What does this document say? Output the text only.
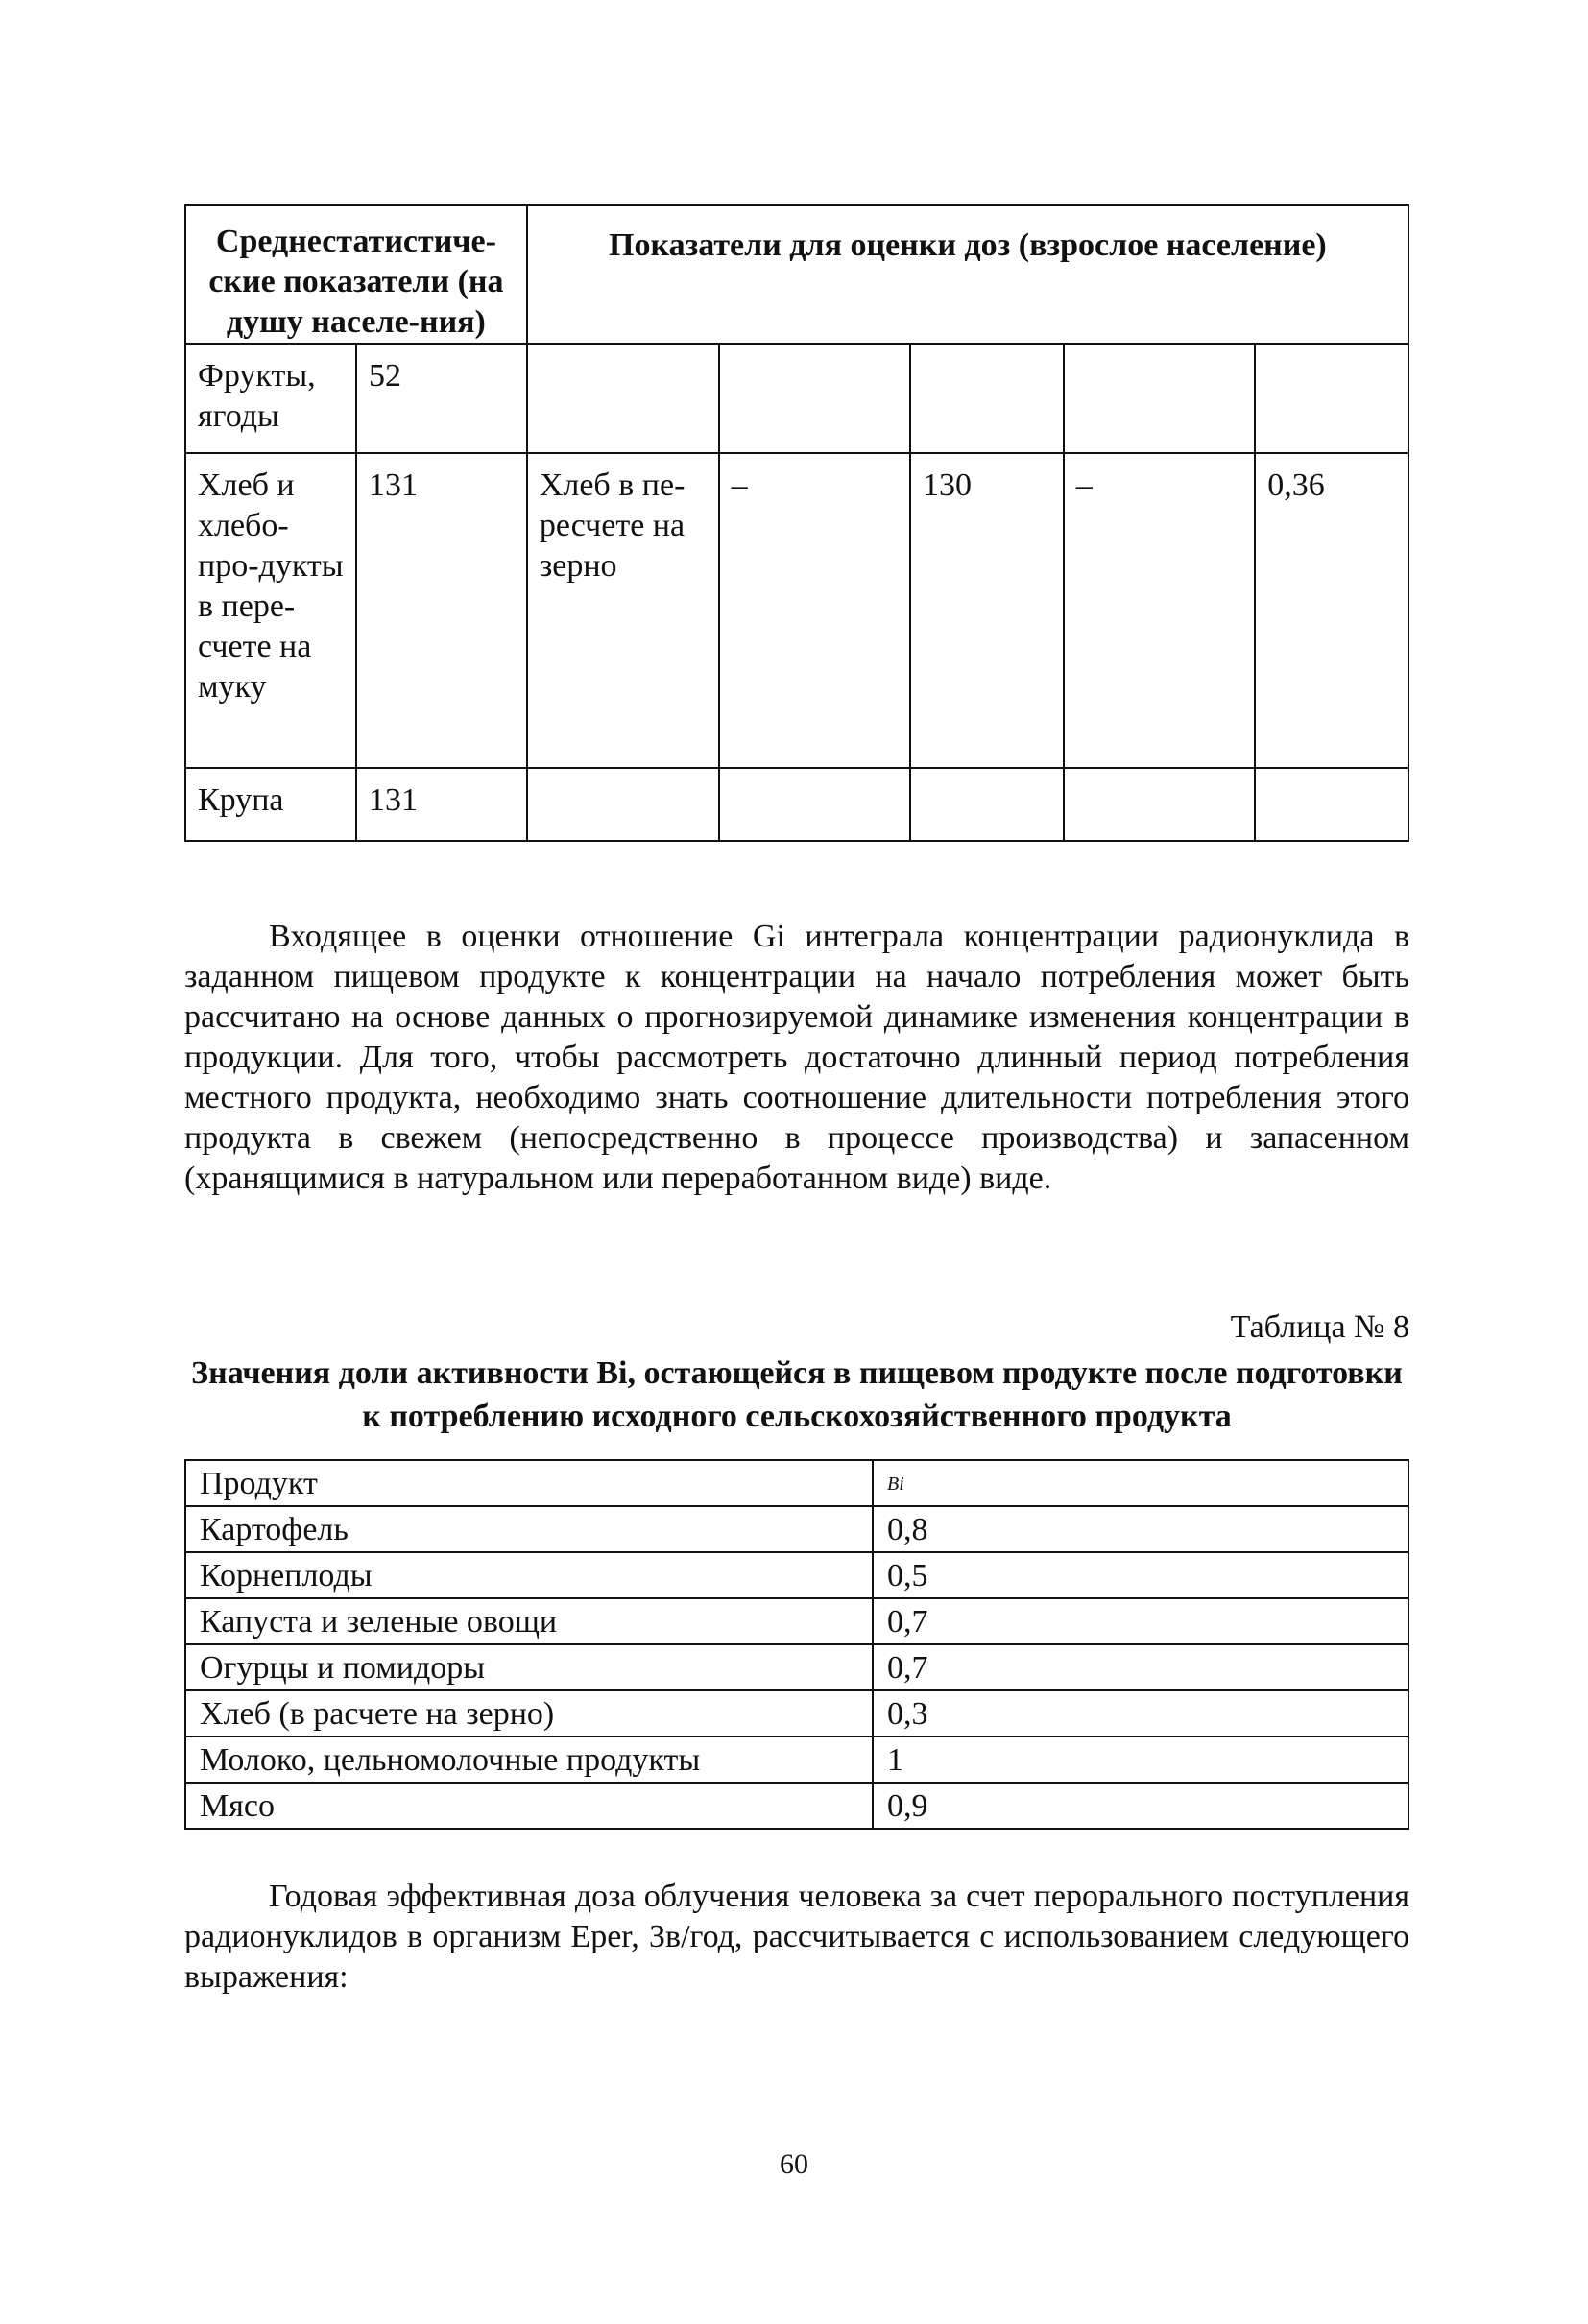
Среднестатистиче-ские показатели (на душу населе-ния)		Показатели для оценки доз (взрослое население)				
Фрукты, ягоды	52					
Хлеб и хлебо-про-дукты в пере-счете на муку	131	Хлеб в пе-ресчете на зерно	–	130	–	0,36
Крупа	131					

Входящее в оценки отношение Gi интеграла концентрации радионуклида в заданном пищевом продукте к концентрации на начало потребления может быть рассчитано на основе данных о прогнозируемой динамике изменения концентрации в продукции. Для того, чтобы рассмотреть достаточно длинный период потребления местного продукта, необходимо знать соотношение длительности потребления этого продукта в свежем (непосредственно в процессе производства) и запасенном (хранящимися в натуральном или переработанном виде) виде.

Таблица № 8

Значения доли активности Bi, остающейся в пищевом продукте после подготовки к потреблению исходного сельскохозяйственного продукта

Продукт	Bi
Картофель	0,8
Корнеплоды	0,5
Капуста и зеленые овощи	0,7
Огурцы и помидоры	0,7
Хлеб (в расчете на зерно)	0,3
Молоко, цельномолочные продукты	1
Мясо	0,9

Годовая эффективная доза облучения человека за счет перорального поступления радионуклидов в организм Eper, Зв/год, рассчитывается с использованием следующего выражения:

60
